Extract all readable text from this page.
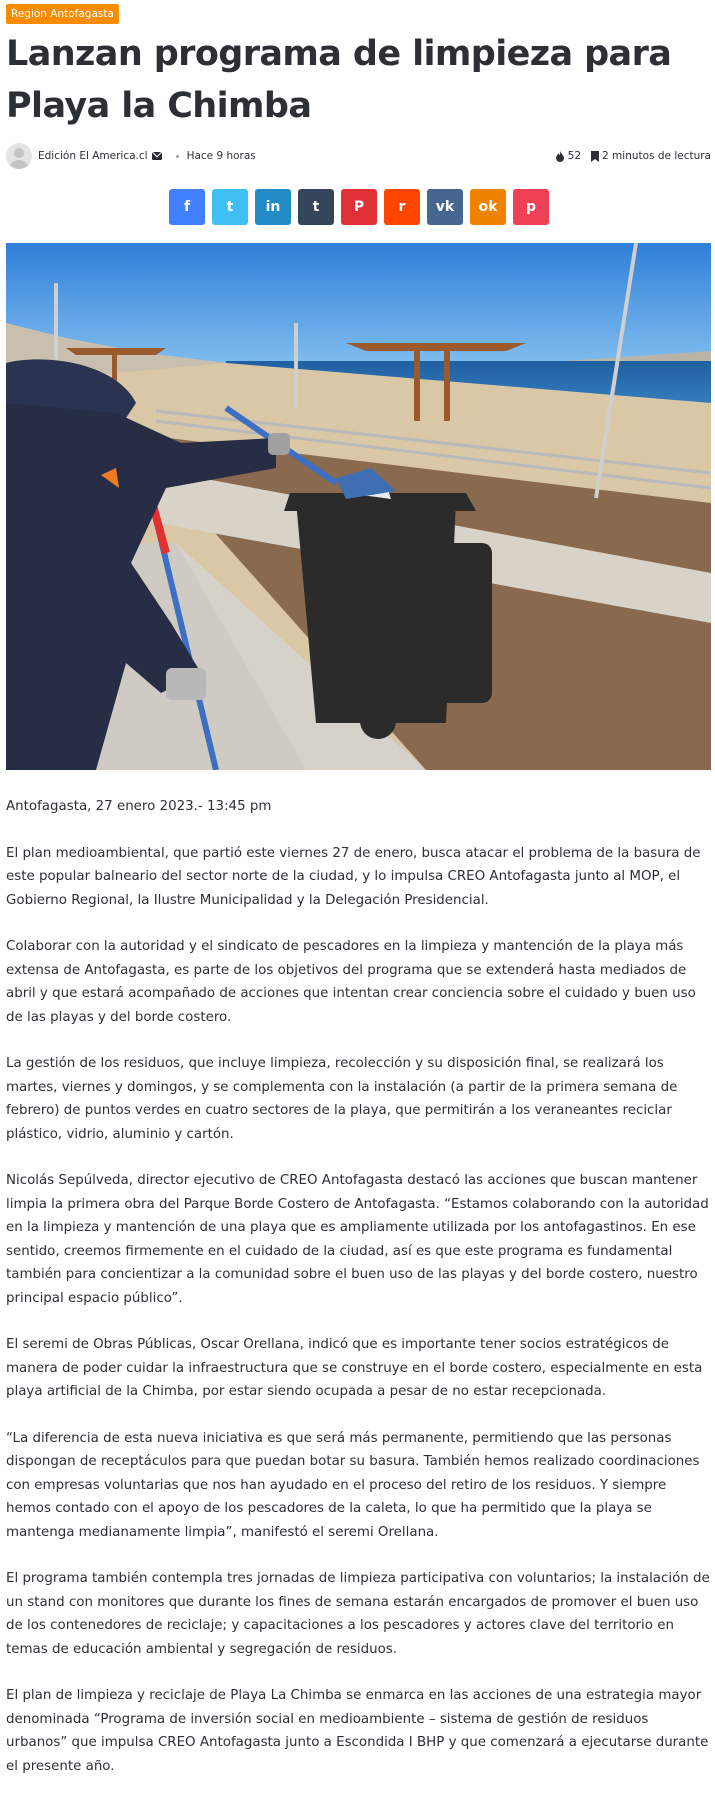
Region Antofagasta
Lanzan programa de limpieza para Playa la Chimba
Edición El America.cl	Hace 9 horas	52 2 minutos de lectura
f	t in t P r vk ok p

Antofagasta, 27 enero 2023.- 13:45 pm

El plan medioambiental, que partió este viernes 27 de enero, busca atacar el problema de la basura de este popular balneario del sector norte de la ciudad, y lo impulsa CREO Antofagasta junto al MOP, el Gobierno Regional, la Ilustre Municipalidad y la Delegación Presidencial.

Colaborar con la autoridad y el sindicato de pescadores en la limpieza y mantención de la playa más extensa de Antofagasta, es parte de los objetivos del programa que se extenderá hasta mediados de abril y que estará acompañado de acciones que intentan crear conciencia sobre el cuidado y buen uso de las playas y del borde costero.

La gestión de los residuos, que incluye limpieza, recolección y su disposición final, se realizará los martes, viernes y domingos, y se complementa con la instalación (a partir de la primera semana de febrero) de puntos verdes en cuatro sectores de la playa, que permitirán a los veraneantes reciclar plástico, vidrio, aluminio y cartón.

Nicolás Sepúlveda, director ejecutivo de CREO Antofagasta destacó las acciones que buscan mantener limpia la primera obra del Parque Borde Costero de Antofagasta. “Estamos colaborando con la autoridad en la limpieza y mantención de una playa que es ampliamente utilizada por los antofagastinos. En ese sentido, creemos firmemente en el cuidado de la ciudad, así es que este programa es fundamental también para concientizar a la comunidad sobre el buen uso de las playas y del borde costero, nuestro principal espacio público”.

El seremi de Obras Públicas, Oscar Orellana, indicó que es importante tener socios estratégicos de manera de poder cuidar la infraestructura que se construye en el borde costero, especialmente en esta playa artificial de la Chimba, por estar siendo ocupada a pesar de no estar recepcionada.

“La diferencia de esta nueva iniciativa es que será más permanente, permitiendo que las personas dispongan de receptáculos para que puedan botar su basura. También hemos realizado coordinaciones con empresas voluntarias que nos han ayudado en el proceso del retiro de los residuos. Y siempre hemos contado con el apoyo de los pescadores de la caleta, lo que ha permitido que la playa se mantenga medianamente limpia”, manifestó el seremi Orellana.

El programa también contempla tres jornadas de limpieza participativa con voluntarios; la instalación de un stand con monitores que durante los fines de semana estarán encargados de promover el buen uso de los contenedores de reciclaje; y capacitaciones a los pescadores y actores clave del territorio en temas de educación ambiental y segregación de residuos.

El plan de limpieza y reciclaje de Playa La Chimba se enmarca en las acciones de una estrategia mayor denominada “Programa de inversión social en medioambiente – sistema de gestión de residuos urbanos” que impulsa CREO Antofagasta junto a Escondida I BHP y que comenzará a ejecutarse durante el presente año.
